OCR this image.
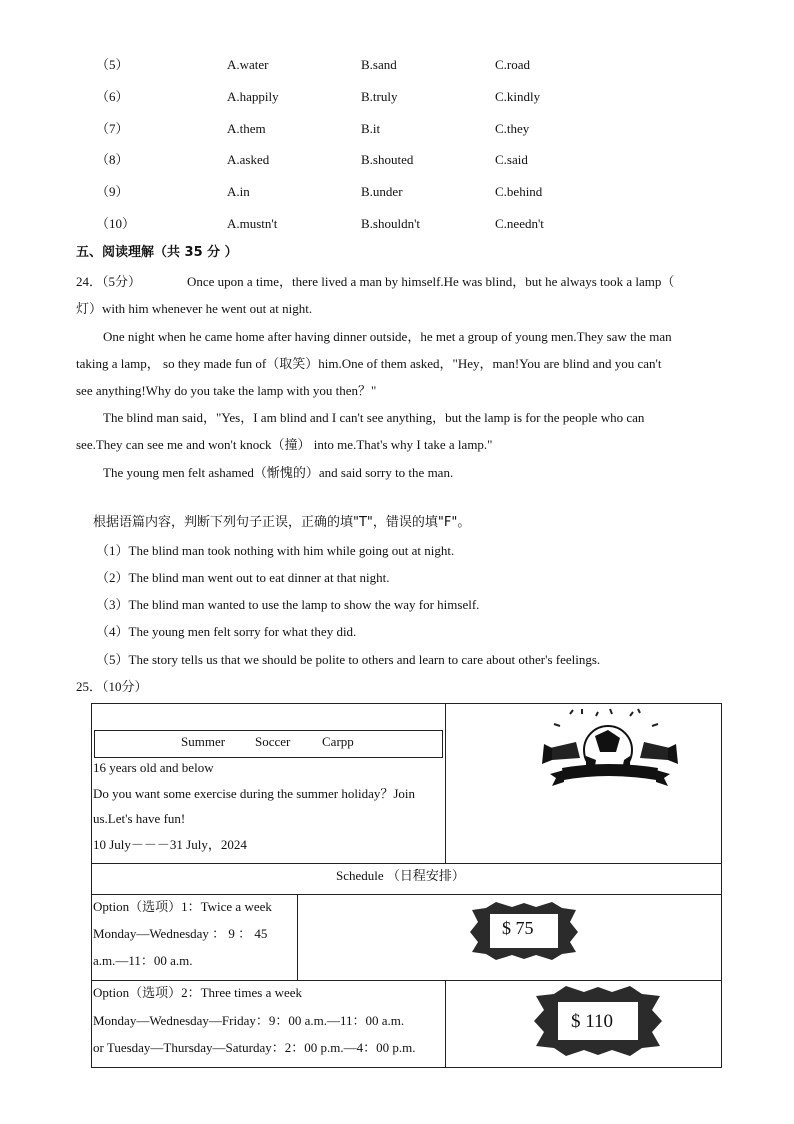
（5）	A.water	B.sand	C.road
（6）	A.happily	B.truly	C.kindly
（7）	A.them	B.it	C.they
（8）	A.asked	B.shouted	C.said
（9）	A.in	B.under	C.behind
（10）	A.mustn't	B.shouldn't	C.needn't
五、阅读理解（共 35 分 ）
24．（5分）	Once upon a time，there lived a man by himself.He was blind，but he always took a lamp（
灯）with him whenever he went out at night.
One night when he came home after having dinner outside，he met a group of young men.They saw the man
taking a lamp， so they made fun of（取笑）him.One of them asked，"Hey，man!You are blind and you can't
see anything!Why do you take the lamp with you then？"
The blind man said，"Yes，I am blind and I can't see anything，but the lamp is for the people who can
see.They can see me and won't knock（撞） into me.That's why I take a lamp."
The young men felt ashamed（惭愧的）and said sorry to the man.
根据语篇内容，判断下列句子正误，正确的填"T"，错误的填"F"。
（1）The blind man took nothing with him while going out at night.
（2）The blind man went out to eat dinner at that night.
（3）The blind man wanted to use the lamp to show the way for himself.
（4）The young men felt sorry for what they did.
（5）The story tells us that we should be polite to others and learn to care about other's feelings.
25．（10分）
Summer Soccer Carpp
16 years old and below
Do you want some exercise during the summer holiday？Join
us.Let's have fun!
10 July－－－31 July，2024
Schedule （日程安排）
Option（选项）1：Twice a week
Monday—Wednesday ： 9 ： 45
a.m.—11：00 a.m.
$ 75
Option（选项）2：Three times a week
Monday—Wednesday—Friday：9：00 a.m.—11：00 a.m.
or Tuesday—Thursday—Saturday：2：00 p.m.—4：00 p.m.
$ 110
